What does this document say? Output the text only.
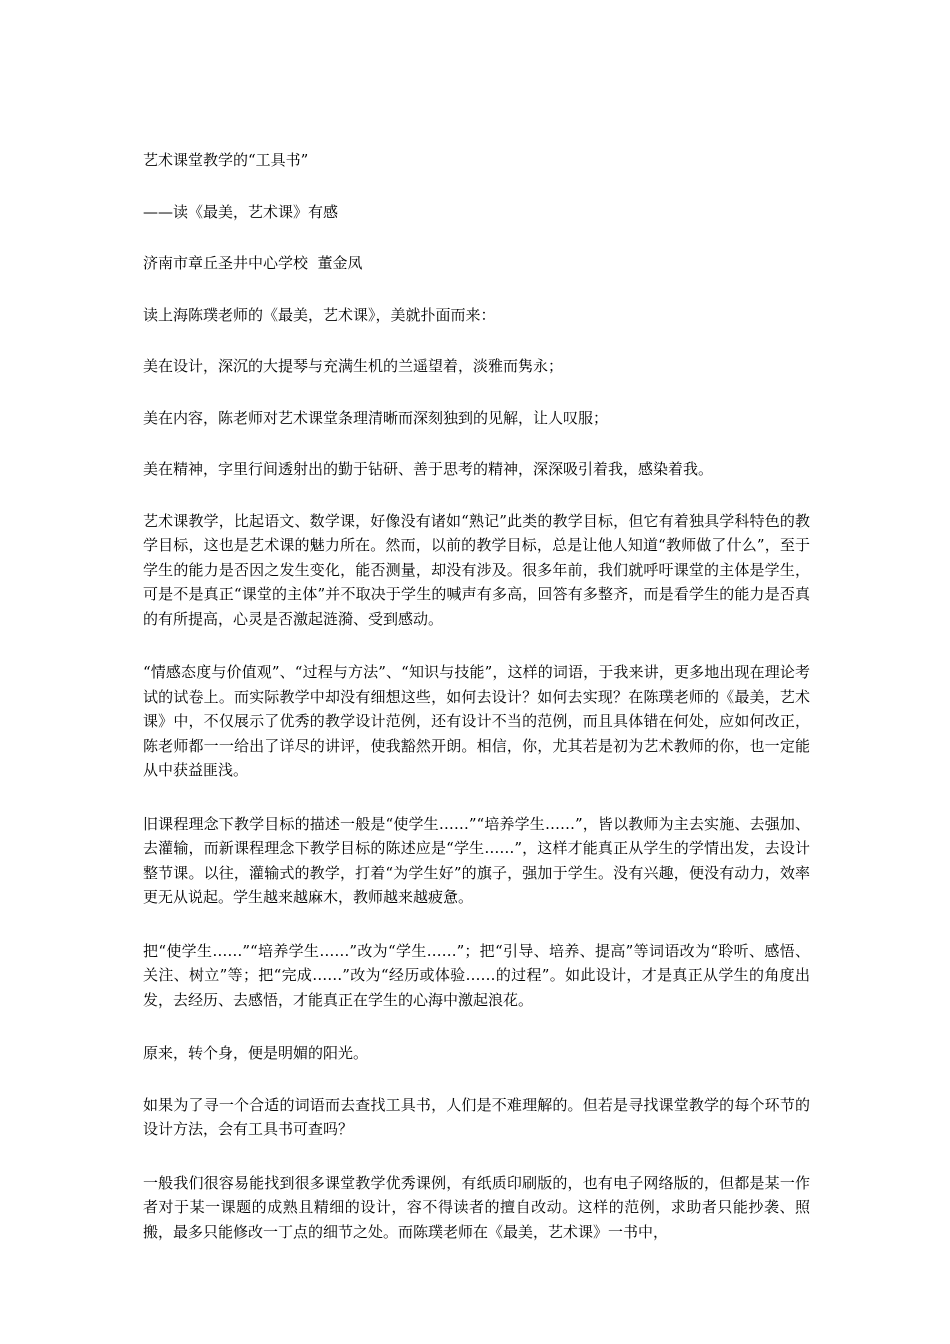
艺术课堂教学的“工具书”

——读《最美，艺术课》有感

济南市章丘圣井中心学校  董金凤

读上海陈璞老师的《最美，艺术课》，美就扑面而来：

美在设计，深沉的大提琴与充满生机的兰遥望着，淡雅而隽永；

美在内容，陈老师对艺术课堂条理清晰而深刻独到的见解，让人叹服；

美在精神，字里行间透射出的勤于钻研、善于思考的精神，深深吸引着我，感染着我。

艺术课教学，比起语文、数学课，好像没有诸如“熟记”此类的教学目标，但它有着独具学科特色的教学目标，这也是艺术课的魅力所在。然而，以前的教学目标，总是让他人知道“教师做了什么”，至于学生的能力是否因之发生变化，能否测量，却没有涉及。很多年前，我们就呼吁课堂的主体是学生，可是不是真正“课堂的主体”并不取决于学生的喊声有多高，回答有多整齐，而是看学生的能力是否真的有所提高，心灵是否激起涟漪、受到感动。

“情感态度与价值观”、“过程与方法”、“知识与技能”，这样的词语，于我来讲，更多地出现在理论考试的试卷上。而实际教学中却没有细想这些，如何去设计？如何去实现？在陈璞老师的《最美，艺术课》中，不仅展示了优秀的教学设计范例，还有设计不当的范例，而且具体错在何处，应如何改正，陈老师都一一给出了详尽的讲评，使我豁然开朗。相信，你，尤其若是初为艺术教师的你，也一定能从中获益匪浅。

旧课程理念下教学目标的描述一般是“使学生……”“培养学生……”，皆以教师为主去实施、去强加、去灌输，而新课程理念下教学目标的陈述应是“学生……”，这样才能真正从学生的学情出发，去设计整节课。以往，灌输式的教学，打着“为学生好”的旗子，强加于学生。没有兴趣，便没有动力，效率更无从说起。学生越来越麻木，教师越来越疲惫。

把“使学生……”“培养学生……”改为“学生……”；把“引导、培养、提高”等词语改为“聆听、感悟、关注、树立”等；把“完成……”改为“经历或体验……的过程”。如此设计，才是真正从学生的角度出发，去经历、去感悟，才能真正在学生的心海中激起浪花。

原来，转个身，便是明媚的阳光。

如果为了寻一个合适的词语而去查找工具书，人们是不难理解的。但若是寻找课堂教学的每个环节的设计方法，会有工具书可查吗？

一般我们很容易能找到很多课堂教学优秀课例，有纸质印刷版的，也有电子网络版的，但都是某一作者对于某一课题的成熟且精细的设计，容不得读者的擅自改动。这样的范例，求助者只能抄袭、照搬，最多只能修改一丁点的细节之处。而陈璞老师在《最美，艺术课》一书中，
